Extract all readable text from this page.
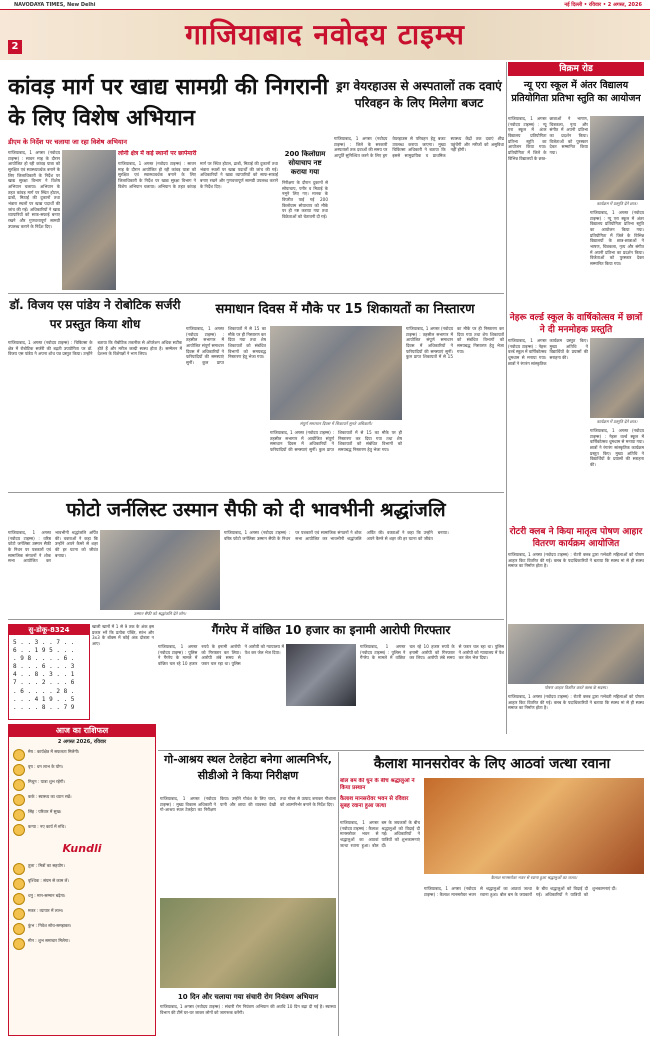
NAVODAYA TIMES, New Delhi	नई दिल्ली • रविवार • 2 अगस्त, 2026
2	गाजियाबाद नवोदय टाइम्स
कांवड़ मार्ग पर खाद्य सामग्री की निगरानी के लिए विशेष अभियान
डीएम के निर्देश पर चलाया जा रहा विशेष अभियान
गाजियाबाद, 1 अगस्त (नवोदय टाइम्स) : सावन माह के दौरान आयोजित हो रही कांवड़ यात्रा को सुरक्षित एवं स्वास्थ्यवर्धक बनाने के लिए जिलाधिकारी के निर्देश पर खाद्य सुरक्षा विभाग ने विशेष अभियान चलाया। अभियान के तहत कांवड़ मार्ग पर स्थित होटल, ढाबों, मिठाई की दुकानों तथा भंडारा स्थलों पर खाद्य पदार्थों की जांच की गई। अधिकारियों ने खाद्य व्यापारियों को साफ-सफाई बनाए रखने और गुणवत्तापूर्ण सामग्री उपलब्ध कराने के निर्देश दिए।
लोनी क्षेत्र में कई स्थानों पर छापेमारी
गाजियाबाद, 1 अगस्त (नवोदय टाइम्स) : सावन माह के दौरान आयोजित हो रही कांवड़ यात्रा को सुरक्षित एवं स्वास्थ्यवर्धक बनाने के लिए जिलाधिकारी के निर्देश पर खाद्य सुरक्षा विभाग ने विशेष अभियान चलाया। अभियान के तहत कांवड़ मार्ग पर स्थित होटल, ढाबों, मिठाई की दुकानों तथा भंडारा स्थलों पर खाद्य पदार्थों की जांच की गई। अधिकारियों ने खाद्य व्यापारियों को साफ-सफाई बनाए रखने और गुणवत्तापूर्ण सामग्री उपलब्ध कराने के निर्देश दिए।
200 किलोग्राम सोयाचाप नष्ट कराया गया
निरीक्षण के दौरान दुकानों से सोयाचाप, पनीर व मिठाई के नमूने लिए गए। मानक के विपरीत पाई गई 200 किलोग्राम सोयाचाप को मौके पर ही नष्ट कराया गया तथा विक्रेताओं को चेतावनी दी गई।
ड्रग वेयरहाउस से अस्पतालों तक दवाएं परिवहन के लिए मिलेगा बजट
गाजियाबाद, 1 अगस्त (नवोदय टाइम्स) : जिले के सरकारी अस्पतालों तक दवाओं की समय पर आपूर्ति सुनिश्चित करने के लिए ड्रग वेयरहाउस से परिवहन हेतु बजट उपलब्ध कराया जाएगा। मुख्य चिकित्सा अधिकारी ने बताया कि इससे सामुदायिक व प्राथमिक स्वास्थ्य केंद्रों तक दवाएं शीघ्र पहुंचेंगी और मरीजों को असुविधा नहीं होगी।
डॉ. विजय एस पांडेय ने रोबोटिक सर्जरी पर प्रस्तुत किया शोध
गाजियाबाद, 1 अगस्त (नवोदय टाइम्स) : चिकित्सा के क्षेत्र में रोबोटिक सर्जरी की बढ़ती उपयोगिता पर डॉ. विजय एस पांडेय ने अपना शोध पत्र प्रस्तुत किया। उन्होंने बताया कि रोबोटिक तकनीक से ऑपरेशन अधिक सटीक होते हैं और मरीज जल्दी स्वस्थ होता है। सम्मेलन में देशभर के विशेषज्ञों ने भाग लिया।
समाधान दिवस में मौके पर 15 शिकायतों का निस्तारण
गाजियाबाद, 1 अगस्त (नवोदय टाइम्स) : तहसील सभागार में आयोजित संपूर्ण समाधान दिवस में अधिकारियों ने फरियादियों की समस्याएं सुनीं। कुल प्राप्त शिकायतों में से 15 का मौके पर ही निस्तारण कर दिया गया तथा शेष शिकायतों को संबंधित विभागों को समयबद्ध निस्तारण हेतु भेजा गया।
संपूर्ण समाधान दिवस में शिकायतें सुनते अधिकारी।
गाजियाबाद, 1 अगस्त (नवोदय टाइम्स) : तहसील सभागार में आयोजित संपूर्ण समाधान दिवस में अधिकारियों ने फरियादियों की समस्याएं सुनीं। कुल प्राप्त शिकायतों में से 15 का मौके पर ही निस्तारण कर दिया गया तथा शेष शिकायतों को संबंधित विभागों को समयबद्ध निस्तारण हेतु भेजा गया।
गाजियाबाद, 1 अगस्त (नवोदय टाइम्स) : तहसील सभागार में आयोजित संपूर्ण समाधान दिवस में अधिकारियों ने फरियादियों की समस्याएं सुनीं। कुल प्राप्त शिकायतों में से 15 का मौके पर ही निस्तारण कर दिया गया तथा शेष शिकायतों को संबंधित विभागों को समयबद्ध निस्तारण हेतु भेजा गया।
विक्रम रोड
न्यू एरा स्कूल में अंतर विद्यालय प्रतियोगिता प्रतिभा स्तुति का आयोजन
गाजियाबाद, 1 अगस्त (नवोदय टाइम्स) : न्यू एरा स्कूल में अंतर विद्यालय प्रतियोगिता प्रतिभा स्तुति का आयोजन किया गया। प्रतियोगिता में जिले के विभिन्न विद्यालयों के छात्र-छात्राओं ने भाषण, चित्रकला, नृत्य और संगीत में अपनी प्रतिभा का प्रदर्शन किया। विजेताओं को पुरस्कार देकर सम्मानित किया गया।
कार्यक्रम में प्रस्तुति देते छात्र।
गाजियाबाद, 1 अगस्त (नवोदय टाइम्स) : न्यू एरा स्कूल में अंतर विद्यालय प्रतियोगिता प्रतिभा स्तुति का आयोजन किया गया। प्रतियोगिता में जिले के विभिन्न विद्यालयों के छात्र-छात्राओं ने भाषण, चित्रकला, नृत्य और संगीत में अपनी प्रतिभा का प्रदर्शन किया। विजेताओं को पुरस्कार देकर सम्मानित किया गया।
नेहरू वर्ल्ड स्कूल के वार्षिकोत्सव में छात्रों ने दी मनमोहक प्रस्तुति
गाजियाबाद, 1 अगस्त (नवोदय टाइम्स) : नेहरू वर्ल्ड स्कूल में वार्षिकोत्सव धूमधाम से मनाया गया। छात्रों ने रंगारंग सांस्कृतिक कार्यक्रम प्रस्तुत किए। मुख्य अतिथि ने विद्यार्थियों के प्रयासों की सराहना की।
कार्यक्रम में प्रस्तुति देते छात्र।
गाजियाबाद, 1 अगस्त (नवोदय टाइम्स) : नेहरू वर्ल्ड स्कूल में वार्षिकोत्सव धूमधाम से मनाया गया। छात्रों ने रंगारंग सांस्कृतिक कार्यक्रम प्रस्तुत किए। मुख्य अतिथि ने विद्यार्थियों के प्रयासों की सराहना की।
फोटो जर्नलिस्ट उस्मान सैफी को दी भावभीनी श्रद्धांजलि
गाजियाबाद, 1 अगस्त (नवोदय टाइम्स) : वरिष्ठ फोटो जर्नलिस्ट उस्मान सैफी के निधन पर पत्रकारों एवं सामाजिक संगठनों ने शोक सभा आयोजित कर भावभीनी श्रद्धांजलि अर्पित की। वक्ताओं ने कहा कि उन्होंने अपने कैमरे से शहर की हर घटना को जीवंत बनाया।
उस्मान सैफी को श्रद्धांजलि देते लोग।
गाजियाबाद, 1 अगस्त (नवोदय टाइम्स) : वरिष्ठ फोटो जर्नलिस्ट उस्मान सैफी के निधन पर पत्रकारों एवं सामाजिक संगठनों ने शोक सभा आयोजित कर भावभीनी श्रद्धांजलि अर्पित की। वक्ताओं ने कहा कि उन्होंने अपने कैमरे से शहर की हर घटना को जीवंत बनाया।	रोटरी क्लब ने किया मातृत्व पोषण आहार वितरण कार्यक्रम आयोजित
गाजियाबाद, 1 अगस्त (नवोदय टाइम्स) : रोटरी क्लब द्वारा गर्भवती महिलाओं को पोषण आहार किट वितरित की गई। क्लब के पदाधिकारियों ने बताया कि स्वस्थ मां से ही स्वस्थ समाज का निर्माण होता है।
पोषण आहार वितरित करते क्लब के सदस्य।
गाजियाबाद, 1 अगस्त (नवोदय टाइम्स) : रोटरी क्लब द्वारा गर्भवती महिलाओं को पोषण आहार किट वितरित की गई। क्लब के पदाधिकारियों ने बताया कि स्वस्थ मां से ही स्वस्थ समाज का निर्माण होता है।
सु-डोकू-8324
5 . . 3 . . 7 . .
6 . . 1 9 5 . . .
. 9 8 . . . . 6 .
8 . . . 6 . . . 3
4 . . 8 . 3 . . 1
7 . . . 2 . . . 6
. 6 . . . . 2 8 .
. . . 4 1 9 . . 5
. . . . 8 . . 7 9
खाली खानों में 1 से 9 तक के अंक इस प्रकार भरें कि प्रत्येक पंक्ति, स्तंभ और 3x3 के बॉक्स में कोई अंक दोबारा न आए।
गैंगरेप में वांछित 10 हजार का इनामी आरोपी गिरफ्तार
गाजियाबाद, 1 अगस्त (नवोदय टाइम्स) : पुलिस ने गैंगरेप के मामले में वांछित चल रहे 10 हजार रुपये के इनामी आरोपी को गिरफ्तार कर लिया। आरोपी लंबे समय से फरार चल रहा था। पुलिस ने आरोपी को न्यायालय में पेश कर जेल भेज दिया।
गाजियाबाद, 1 अगस्त (नवोदय टाइम्स) : पुलिस ने गैंगरेप के मामले में वांछित चल रहे 10 हजार रुपये के इनामी आरोपी को गिरफ्तार कर लिया। आरोपी लंबे समय से फरार चल रहा था। पुलिस ने आरोपी को न्यायालय में पेश कर जेल भेज दिया।
आज का राशिफल
2 अगस्त 2026, रविवार
मेष : कार्यक्षेत्र में सफलता मिलेगी।
वृष : धन लाभ के योग।
मिथुन : यात्रा शुभ रहेगी।
कर्क : स्वास्थ्य का ध्यान रखें।
सिंह : परिवार में सुख।
कन्या : नए कार्य में रुचि।
Kundli
तुला : मित्रों का सहयोग।
वृश्चिक : संयम से काम लें।
धनु : मान-सम्मान बढ़ेगा।
मकर : व्यापार में लाभ।
कुंभ : निवेश सोच-समझकर।
मीन : शुभ समाचार मिलेगा।
गो-आश्रय स्थल टेलहेटा बनेगा आत्मनिर्भर, सीडीओ ने किया निरीक्षण
गाजियाबाद, 1 अगस्त (नवोदय टाइम्स) : मुख्य विकास अधिकारी ने गो-आश्रय स्थल टेलहेटा का निरीक्षण किया। उन्होंने गोवंश के लिए चारा, पानी और छाया की व्यवस्था देखी तथा गोबर से उत्पाद बनाकर गौशाला को आत्मनिर्भर बनाने के निर्देश दिए।
10 दिन और चलाया गया संचारी रोग नियंत्रण अभियान
गाजियाबाद, 1 अगस्त (नवोदय टाइम्स) : संचारी रोग नियंत्रण अभियान की अवधि 10 दिन बढ़ा दी गई है। स्वास्थ्य विभाग की टीमें घर-घर जाकर लोगों को जागरूक करेंगी।
कैलाश मानसरोवर के लिए आठवां जत्था रवाना
बोल बम की धुन के बीच श्रद्धालुओं ने किया प्रस्थान
कैलाश मानसरोवर भवन से रविवार सुबह रवाना हुआ जत्था
गाजियाबाद, 1 अगस्त (नवोदय टाइम्स) : कैलाश मानसरोवर भवन से श्रद्धालुओं का आठवां जत्था रवाना हुआ। बोल बम के जयकारों के बीच श्रद्धालुओं को विदाई दी गई। अधिकारियों ने यात्रियों को शुभकामनाएं दीं।
कैलाश मानसरोवर भवन से रवाना हुआ श्रद्धालुओं का जत्था।
गाजियाबाद, 1 अगस्त (नवोदय टाइम्स) : कैलाश मानसरोवर भवन से श्रद्धालुओं का आठवां जत्था रवाना हुआ। बोल बम के जयकारों के बीच श्रद्धालुओं को विदाई दी गई। अधिकारियों ने यात्रियों को शुभकामनाएं दीं।
